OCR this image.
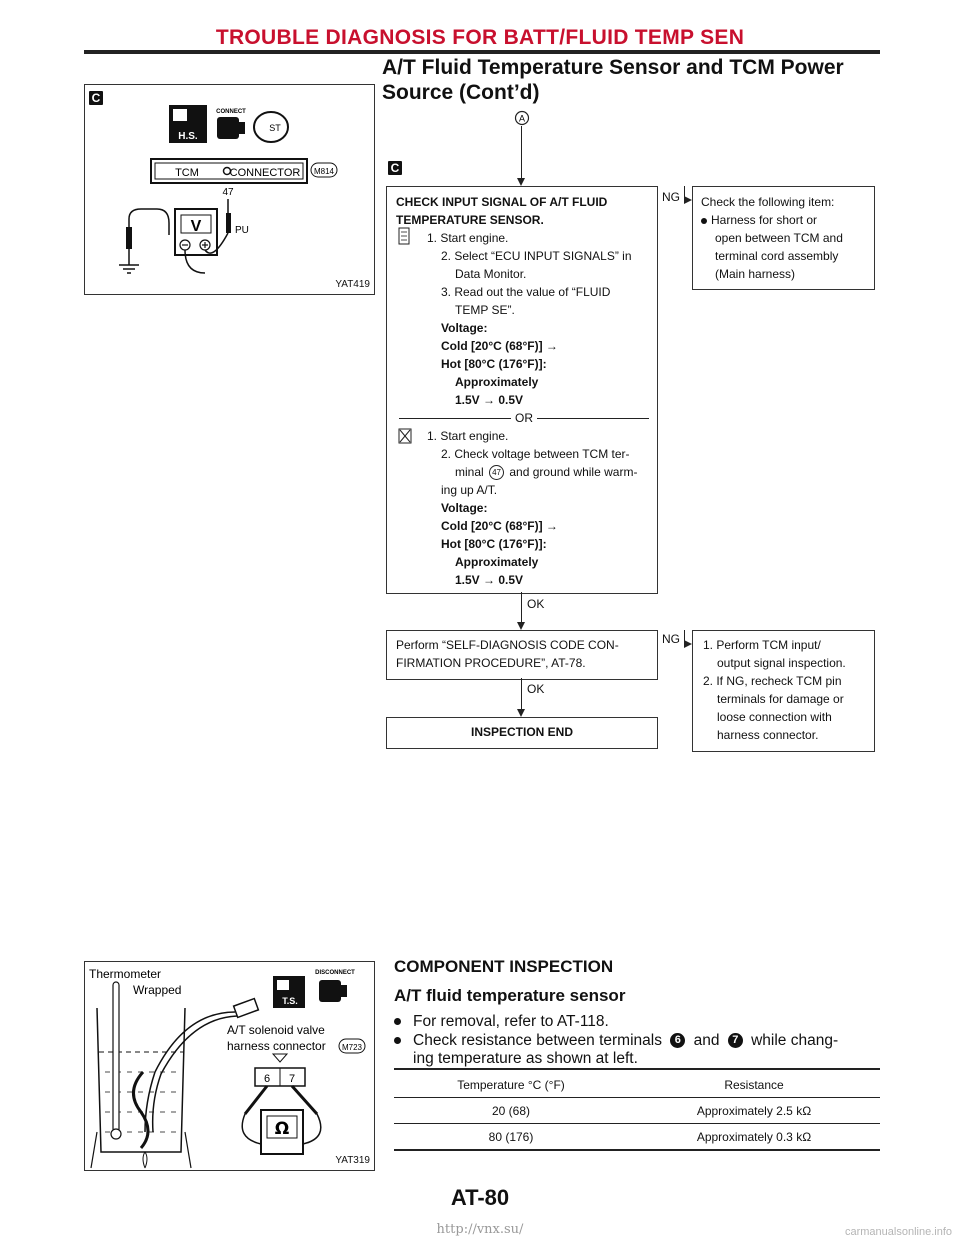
TROUBLE DIAGNOSIS FOR BATT/FLUID TEMP SEN
A/T Fluid Temperature Sensor and TCM Power
Source (Cont’d)
C
H.S.
CONNECT
ST
TCM	CONNECTOR M814
47
PU
V
YAT419
C
A
CHECK INPUT SIGNAL OF A/T FLUID
TEMPERATURE SENSOR.
1. Start engine.
2. Select “ECU INPUT SIGNALS” in
Data Monitor.
3. Read out the value of “FLUID
TEMP SE”.
Voltage:
Cold [20°C (68°F)] →
Hot [80°C (176°F)]:
Approximately
1.5V → 0.5V
OR
1. Start engine.
2. Check voltage between TCM ter-
minal 47 and ground while warm-
ing up A/T.
Voltage:
Cold [20°C (68°F)] →
Hot [80°C (176°F)]:
Approximately
1.5V → 0.5V
NG Check the following item:
Harness for short or
open between TCM and
terminal cord assembly
(Main harness)
OK
Perform “SELF-DIAGNOSIS CODE CON-
FIRMATION PROCEDURE”, AT-78.
NG 1. Perform TCM input/
output signal inspection.
2. If NG, recheck TCM pin
terminals for damage or
loose connection with
harness connector.
OK
INSPECTION END
Thermometer
Wrapped
T.S.
DISCONNECT
A/T solenoid valve
harness connector M723
6 7
Ω
YAT319
COMPONENT INSPECTION
A/T fluid temperature sensor
For removal, refer to AT-118.
Check resistance between terminals 6 and 7 while chang-
ing temperature as shown at left.
Temperature °C (°F)	Resistance
20 (68)	Approximately 2.5 kΩ
80 (176)	Approximately 0.3 kΩ
AT-80
http://vnx.su/	carmanualsonline.info
